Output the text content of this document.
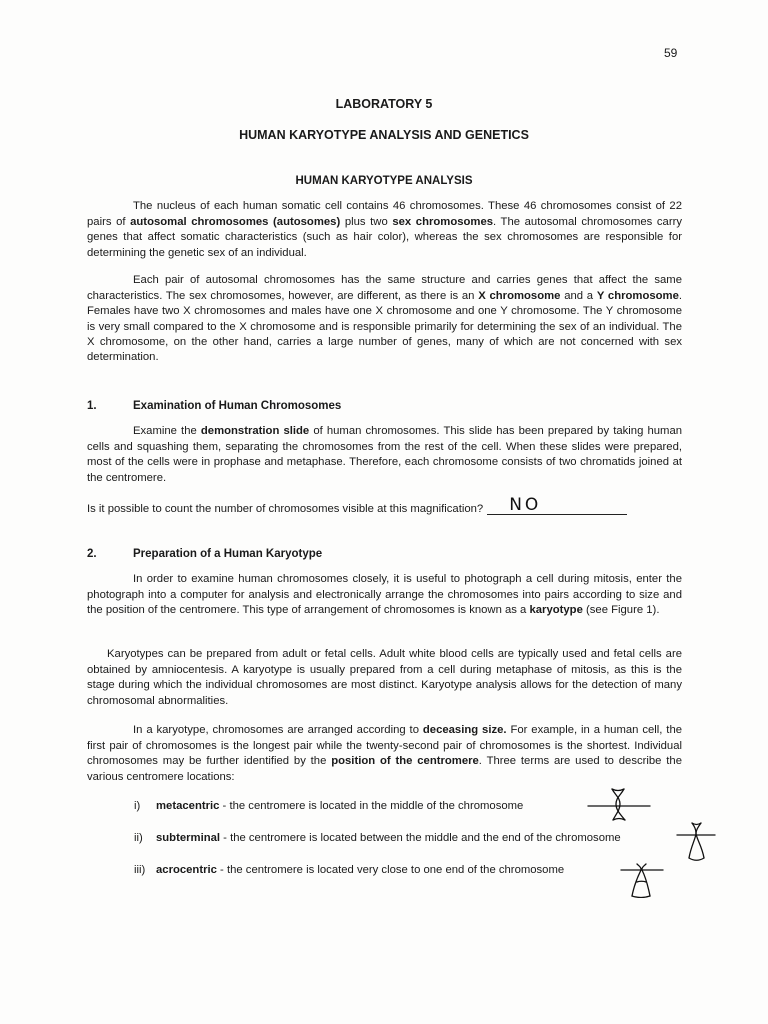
59
LABORATORY 5
HUMAN KARYOTYPE ANALYSIS AND GENETICS
HUMAN KARYOTYPE ANALYSIS

The nucleus of each human somatic cell contains 46 chromosomes. These 46 chromosomes consist of 22 pairs of autosomal chromosomes (autosomes) plus two sex chromosomes. The autosomal chromosomes carry genes that affect somatic characteristics (such as hair color), whereas the sex chromosomes are responsible for determining the genetic sex of an individual.

Each pair of autosomal chromosomes has the same structure and carries genes that affect the same characteristics. The sex chromosomes, however, are different, as there is an X chromosome and a Y chromosome. Females have two X chromosomes and males have one X chromosome and one Y chromosome. The Y chromosome is very small compared to the X chromosome and is responsible primarily for determining the sex of an individual. The X chromosome, on the other hand, carries a large number of genes, many of which are not concerned with sex determination.

1.	Examination of Human Chromosomes

Examine the demonstration slide of human chromosomes. This slide has been prepared by taking human cells and squashing them, separating the chromosomes from the rest of the cell. When these slides were prepared, most of the cells were in prophase and metaphase. Therefore, each chromosome consists of two chromatids joined at the centromere.

Is it possible to count the number of chromosomes visible at this magnification? NO
2.	Preparation of a Human Karyotype

In order to examine human chromosomes closely, it is useful to photograph a cell during mitosis, enter the photograph into a computer for analysis and electronically arrange the chromosomes into pairs according to size and the position of the centromere. This type of arrangement of chromosomes is known as a karyotype (see Figure 1).

Karyotypes can be prepared from adult or fetal cells. Adult white blood cells are typically used and fetal cells are obtained by amniocentesis. A karyotype is usually prepared from a cell during metaphase of mitosis, as this is the stage during which the individual chromosomes are most distinct. Karyotype analysis allows for the detection of many chromosomal abnormalities.

In a karyotype, chromosomes are arranged according to deceasing size. For example, in a human cell, the first pair of chromosomes is the longest pair while the twenty-second pair of chromosomes is the shortest. Individual chromosomes may be further identified by the position of the centromere. Three terms are used to describe the various centromere locations:

i) metacentric - the centromere is located in the middle of the chromosome
ii) subterminal - the centromere is located between the middle and the end of the chromosome
iii) acrocentric - the centromere is located very close to one end of the chromosome
